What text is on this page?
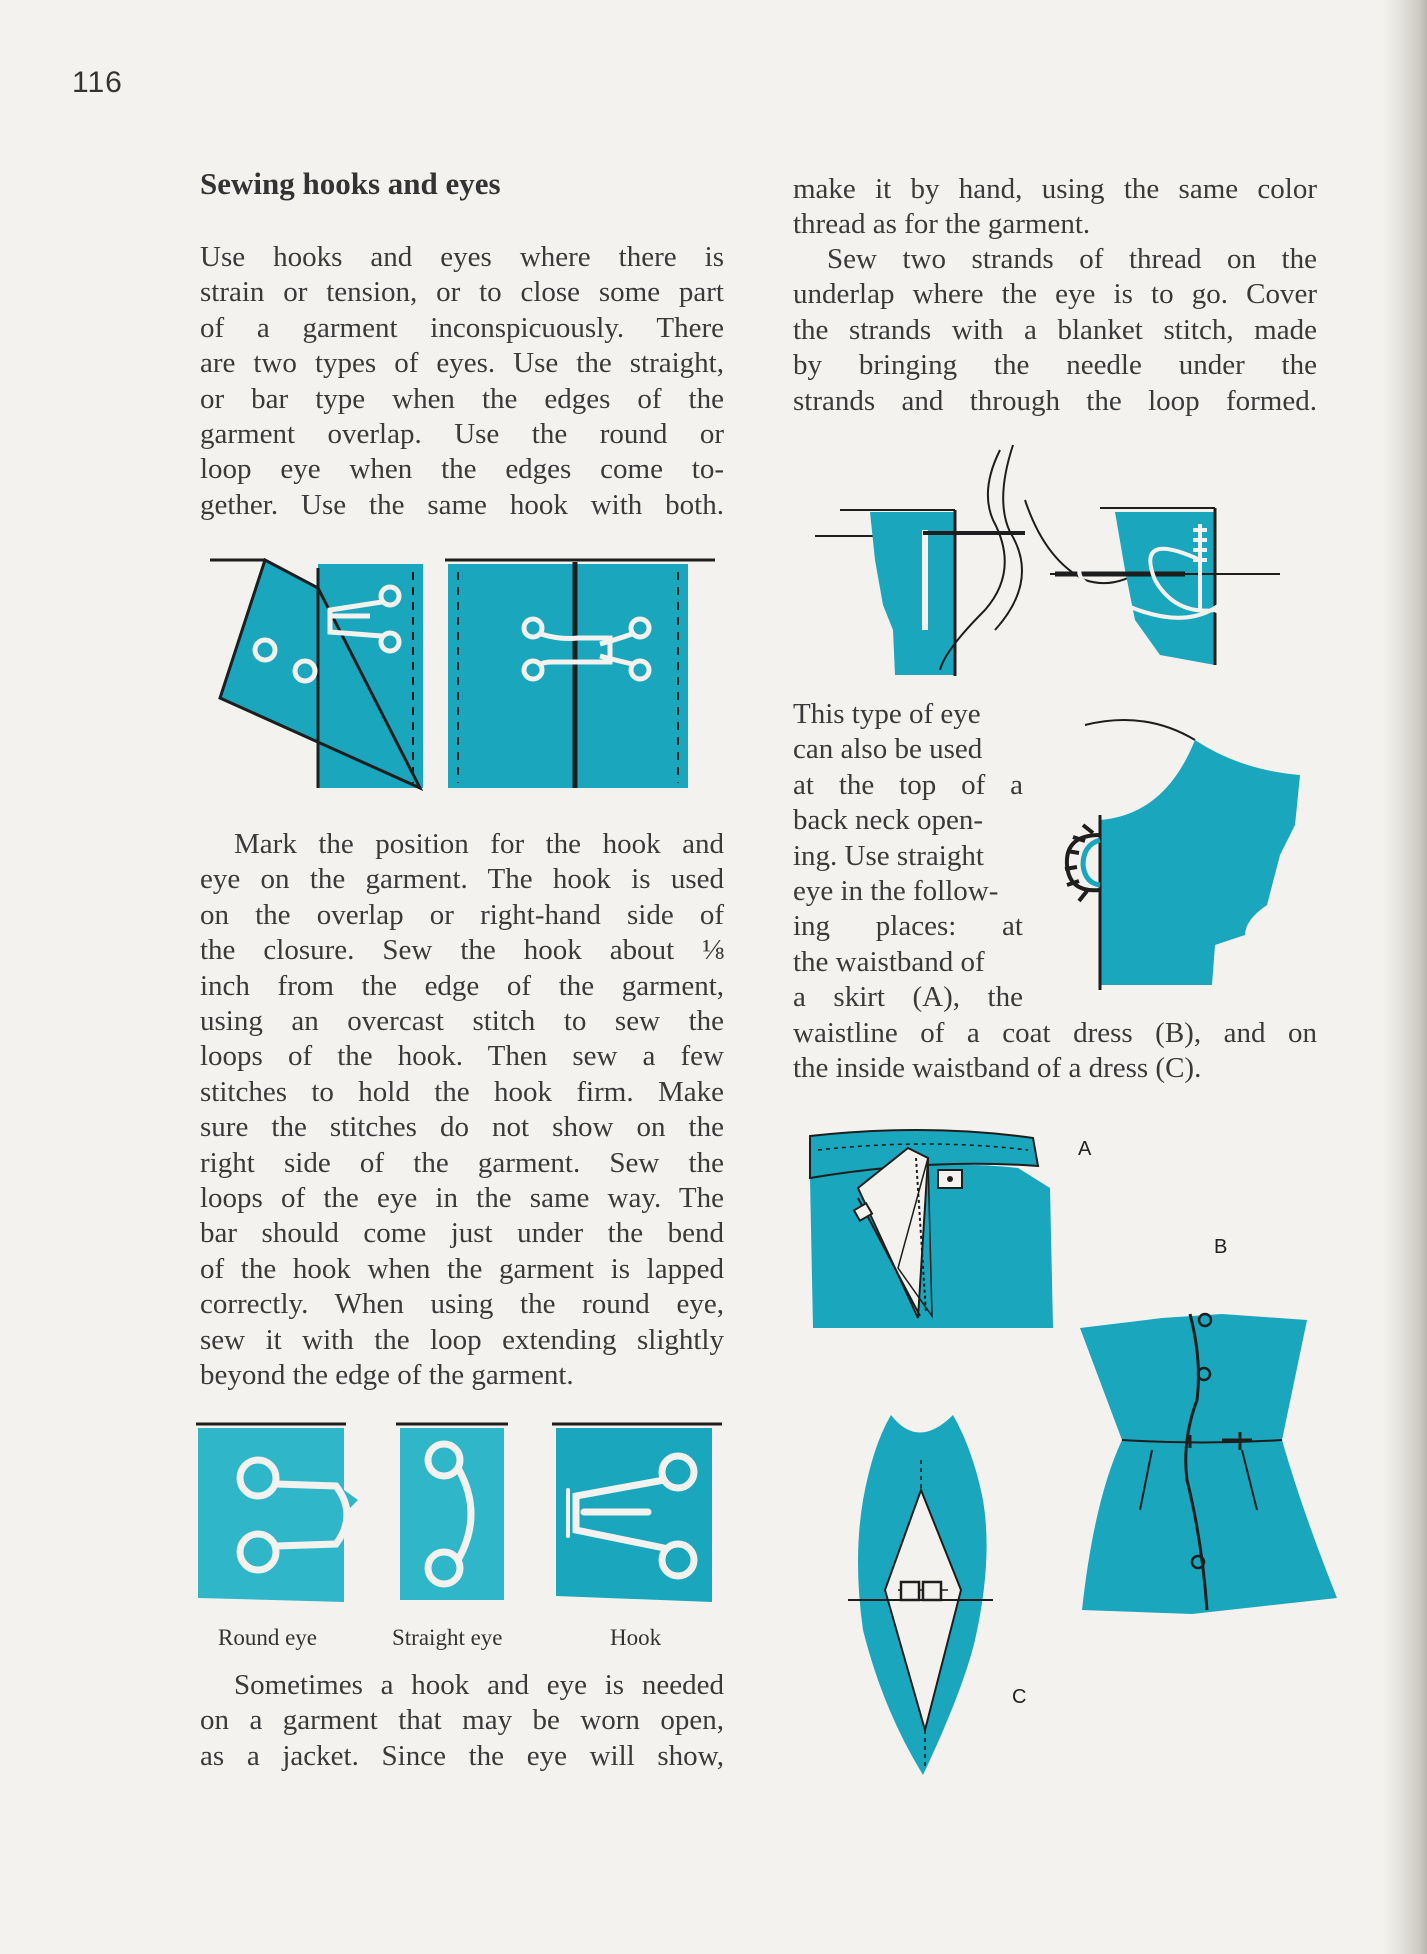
116
Sewing hooks and eyes
Use hooks and eyes where there is
strain or tension, or to close some part
of a garment inconspicuously. There
are two types of eyes. Use the straight,
or bar type when the edges of the
garment overlap. Use the round or
loop eye when the edges come to-
gether. Use the same hook with both.
Mark the position for the hook and
eye on the garment. The hook is used
on the overlap or right-hand side of
the closure. Sew the hook about ⅛
inch from the edge of the garment,
using an overcast stitch to sew the
loops of the hook. Then sew a few
stitches to hold the hook firm. Make
sure the stitches do not show on the
right side of the garment. Sew the
loops of the eye in the same way. The
bar should come just under the bend
of the hook when the garment is lapped
correctly. When using the round eye,
sew it with the loop extending slightly
beyond the edge of the garment.
Round eye	Straight eye	Hook
Sometimes a hook and eye is needed
on a garment that may be worn open,
as a jacket. Since the eye will show,
make it by hand, using the same color
thread as for the garment.
Sew two strands of thread on the
underlap where the eye is to go. Cover
the strands with a blanket stitch, made
by bringing the needle under the
strands and through the loop formed.
This type of eye
can also be used
at the top of a
back neck open-
ing. Use straight
eye in the follow-
ing places: at
the waistband of
a skirt (A), the
waistline of a coat dress (B), and on
the inside waistband of a dress (C).
A
B
C
